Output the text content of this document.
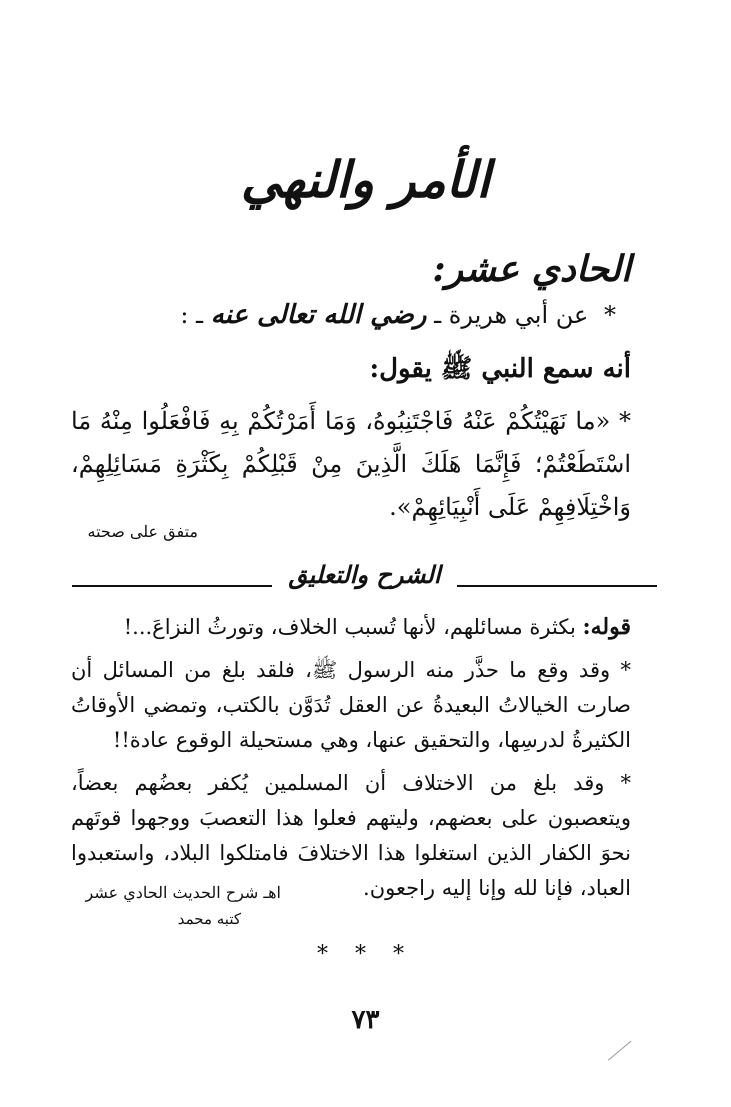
الأمر والنهي
الحادي عشر:
* عن أبي هريرة ـ رضي الله تعالى عنه ـ :
أنه سمع النبي ﷺ يقول:
* «ما نَهَيْتُكُمْ عَنْهُ فَاجْتَنِبُوهُ، وَمَا أَمَرْتُكُمْ بِهِ فَافْعَلُوا مِنْهُ مَا اسْتَطَعْتُمْ؛ فَإِنَّمَا هَلَكَ الَّذِينَ مِنْ قَبْلِكُمْ بِكَثْرَةِ مَسَائِلِهِمْ، وَاخْتِلَافِهِمْ عَلَى أَنْبِيَائِهِمْ».
متفق على صحته
الشرح والتعليق

قوله: بكثرة مسائلهم، لأنها تُسبب الخلاف، وتورثُ النزاعَ...!

* وقد وقع ما حذَّر منه الرسول ﷺ، فلقد بلغ من المسائل أن صارت الخيالاتُ البعيدةُ عن العقل تُدَوَّن بالكتب، وتمضي الأوقاتُ الكثيرةُ لدرسِها، والتحقيق عنها، وهي مستحيلة الوقوع عادة!!

* وقد بلغ من الاختلاف أن المسلمين يُكفر بعضُهم بعضاً، ويتعصبون على بعضهم، وليتهم فعلوا هذا التعصبَ ووجهوا قوتَهم نحوَ الكفار الذين استغلوا هذا الاختلافَ فامتلكوا البلاد، واستعبدوا العباد، فإنا لله وإنا إليه راجعون.

اهـ شرح الحديث الحادي عشر
كتبه محمد
* * *
٧٣
